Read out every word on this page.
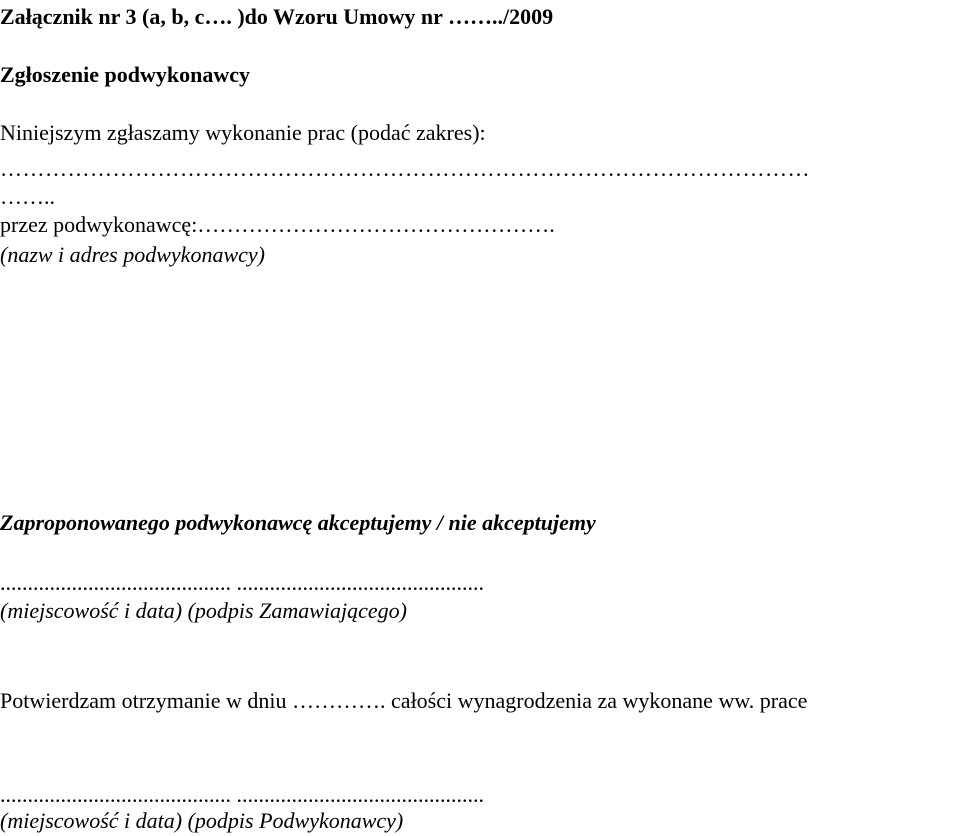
Załącznik nr 3 (a, b, c…. )do Wzoru Umowy nr ……../2009
Zgłoszenie podwykonawcy
Niniejszym zgłaszamy wykonanie prac (podać zakres):
………………………………………………………………………………………………
……..
przez podwykonawcę:………………………………………….
(nazw i adres podwykonawcy)
Zaproponowanego podwykonawcę akceptujemy / nie akceptujemy
.......................................... .............................................
(miejscowość i data) (podpis Zamawiającego)
Potwierdzam otrzymanie w dniu …………. całości wynagrodzenia za wykonane ww. prace
.......................................... .............................................
(miejscowość i data) (podpis Podwykonawcy)
